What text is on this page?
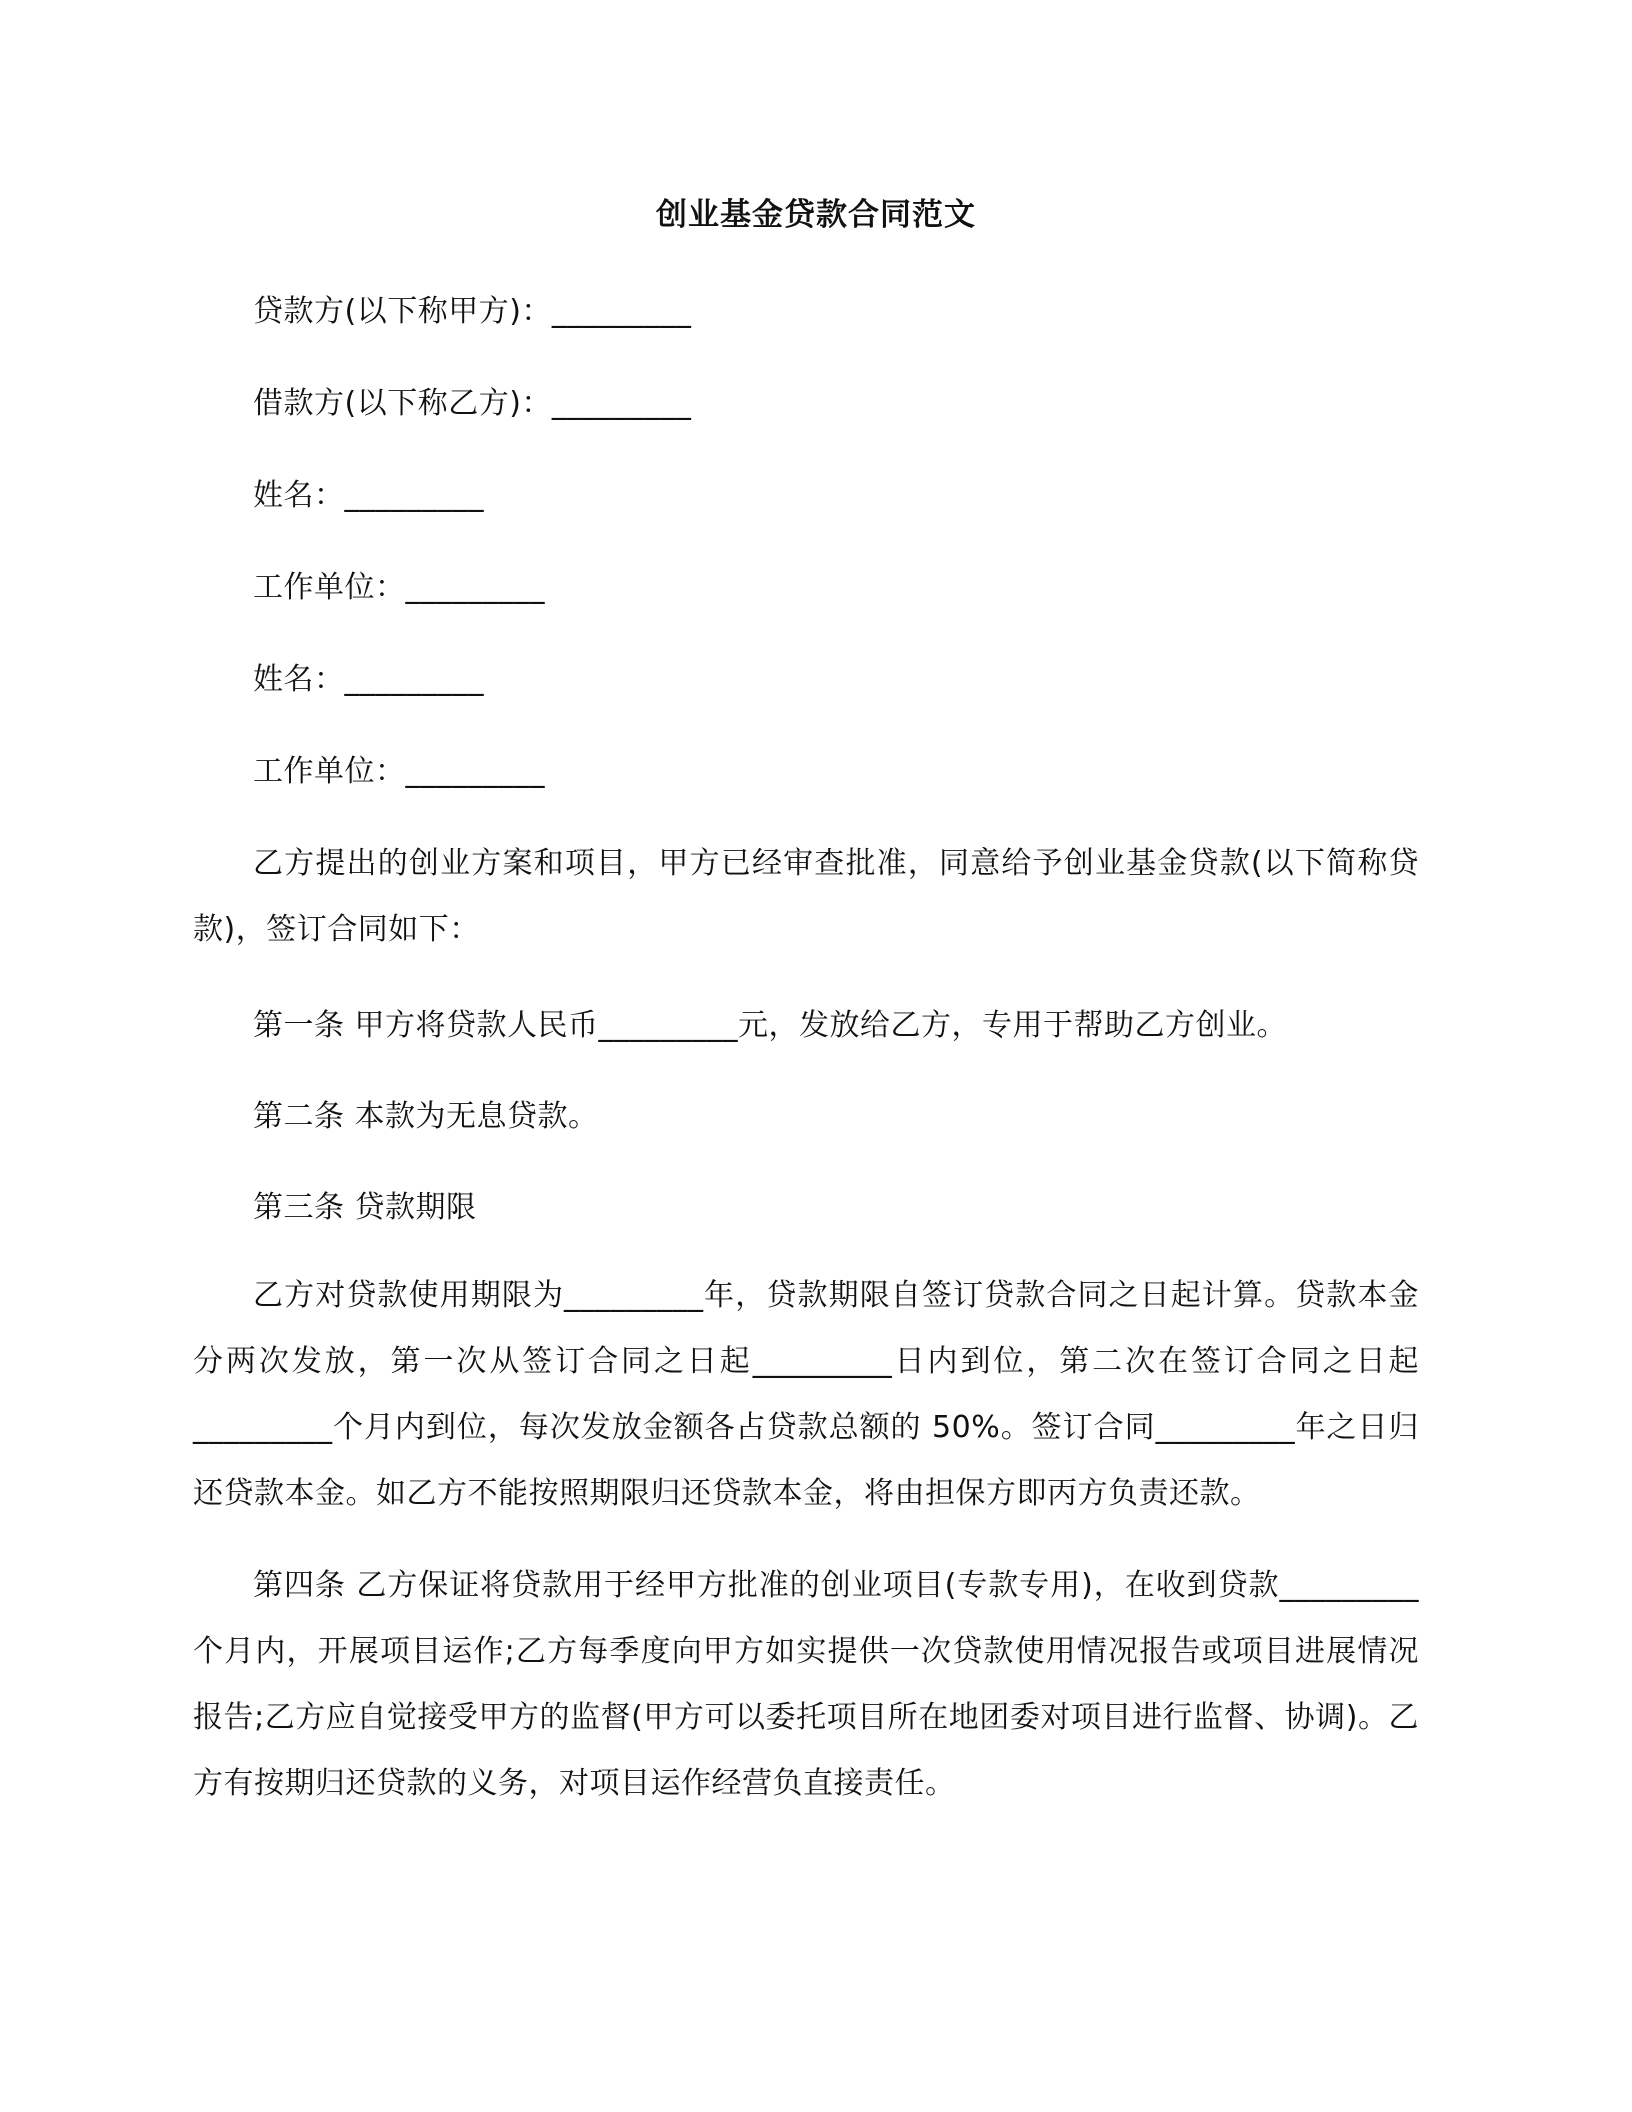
创业基金贷款合同范文
贷款方(以下称甲方)：_________
借款方(以下称乙方)：_________
姓名：_________
工作单位：_________
姓名：_________
工作单位：_________
乙方提出的创业方案和项目，甲方已经审查批准，同意给予创业基金贷款(以下简称贷款)，签订合同如下：
第一条 甲方将贷款人民币_________元，发放给乙方，专用于帮助乙方创业。
第二条 本款为无息贷款。
第三条 贷款期限
乙方对贷款使用期限为_________年，贷款期限自签订贷款合同之日起计算。贷款本金分两次发放，第一次从签订合同之日起_________日内到位，第二次在签订合同之日起_________个月内到位，每次发放金额各占贷款总额的 50%。签订合同_________年之日归还贷款本金。如乙方不能按照期限归还贷款本金，将由担保方即丙方负责还款。
第四条 乙方保证将贷款用于经甲方批准的创业项目(专款专用)，在收到贷款_________个月内，开展项目运作;乙方每季度向甲方如实提供一次贷款使用情况报告或项目进展情况报告;乙方应自觉接受甲方的监督(甲方可以委托项目所在地团委对项目进行监督、协调)。乙方有按期归还贷款的义务，对项目运作经营负直接责任。
